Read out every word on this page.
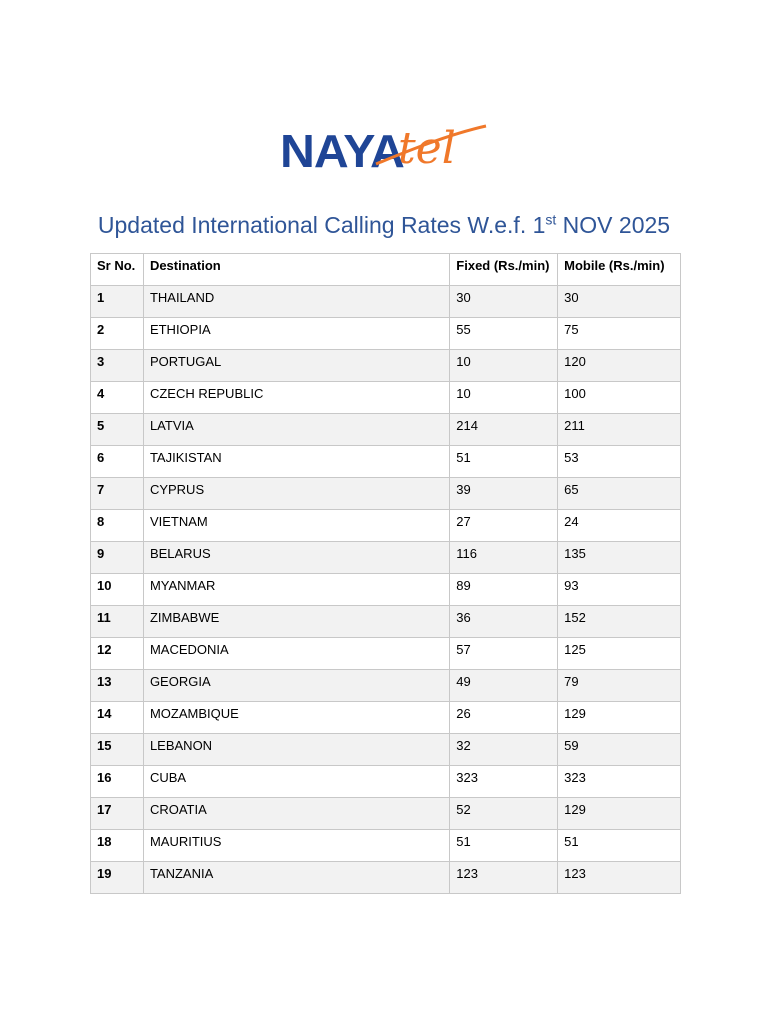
NAYA
tel
Updated International Calling Rates W.e.f. 1st NOV 2025
Sr No.	Destination	Fixed (Rs./min)	Mobile (Rs./min)
1	THAILAND	30	30
2	ETHIOPIA	55	75
3	PORTUGAL	10	120
4	CZECH REPUBLIC	10	100
5	LATVIA	214	211
6	TAJIKISTAN	51	53
7	CYPRUS	39	65
8	VIETNAM	27	24
9	BELARUS	116	135
10	MYANMAR	89	93
11	ZIMBABWE	36	152
12	MACEDONIA	57	125
13	GEORGIA	49	79
14	MOZAMBIQUE	26	129
15	LEBANON	32	59
16	CUBA	323	323
17	CROATIA	52	129
18	MAURITIUS	51	51
19	TANZANIA	123	123
